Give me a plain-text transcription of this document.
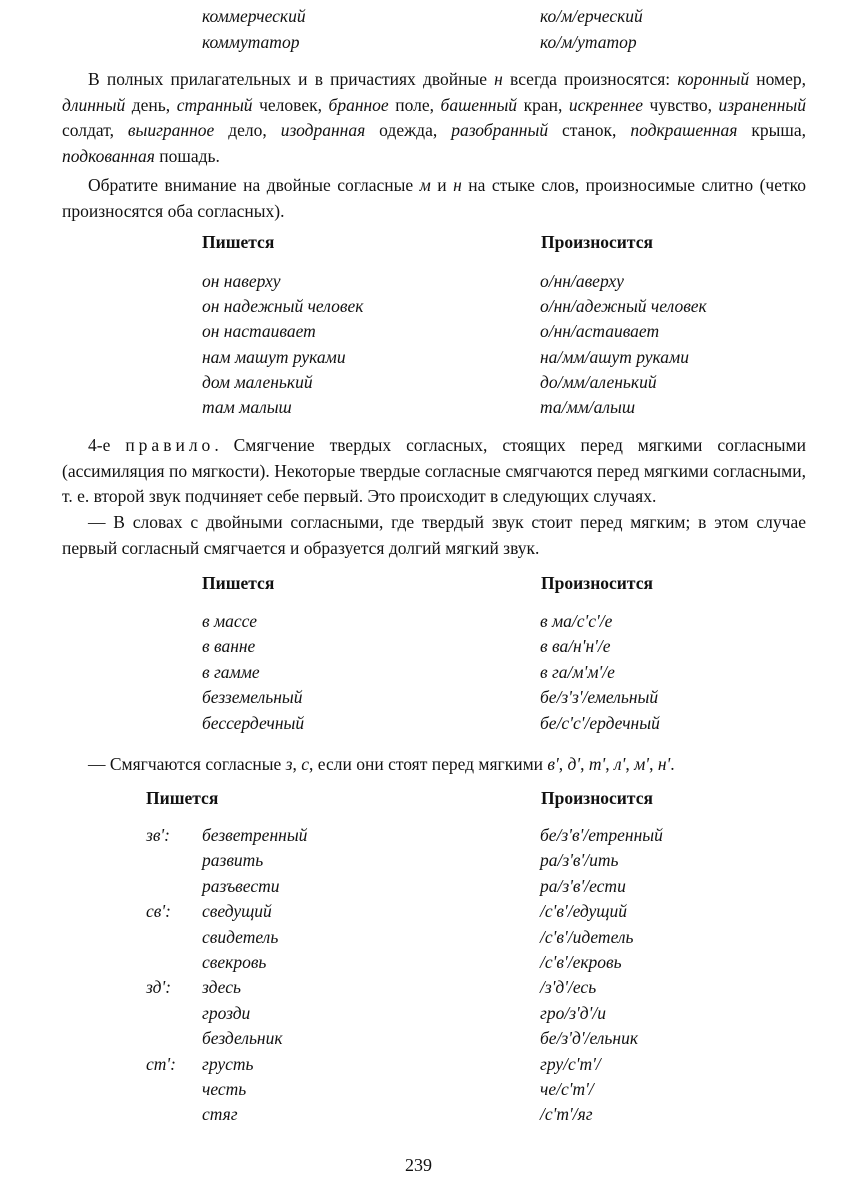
коммерческий	ко/м/ерческий
коммутатор	ко/м/утатор
В полных прилагательных и в причастиях двойные н всегда произносятся: коронный номер, длинный день, странный человек, бранное поле, башенный кран, искреннее чувство, израненный солдат, выигранное дело, изодранная одежда, разобранный станок, подкрашенная крыша, подкованная пошадь.
Обратите внимание на двойные согласные м и н на стыке слов, произносимые слитно (четко произносятся оба согласных).
Пишется	Произносится
он наверху	о/нн/аверху
он надежный человек	о/нн/адежный человек
он настаивает	о/нн/астаивает
нам машут руками	на/мм/ашут руками
дом маленький	до/мм/аленький
там малыш	та/мм/алыш
4-е правило. Смягчение твердых согласных, стоящих перед мягкими согласными (ассимиляция по мягкости). Некоторые твердые согласные смягчаются перед мягкими согласными, т. е. второй звук подчиняет себе первый. Это происходит в следующих случаях.
— В словах с двойными согласными, где твердый звук стоит перед мягким; в этом случае первый согласный смягчается и образуется долгий мягкий звук.
Пишется	Произносится
в массе	в ма/с'с'/е
в ванне	в ва/н'н'/е
в гамме	в га/м'м'/е
безземельный	бе/з'з'/емельный
бессердечный	бе/с'с'/ердечный
— Смягчаются согласные з, с, если они стоят перед мягкими в', д', т', л', м', н'.
Пишется	Произносится
зв': безветренный	бе/з'в'/етренный
развить	ра/з'в'/ить
разъвести	ра/з'в'/ести
св': сведущий	/с'в'/едущий
свидетель	/с'в'/идетель
свекровь	/с'в'/екровь
зд': здесь	/з'д'/есь
грозди	гро/з'д'/и
бездельник	бе/з'д'/ельник
ст': грусть	гру/с'т'/
честь	че/с'т'/
стяг	/с'т'/яг
239
